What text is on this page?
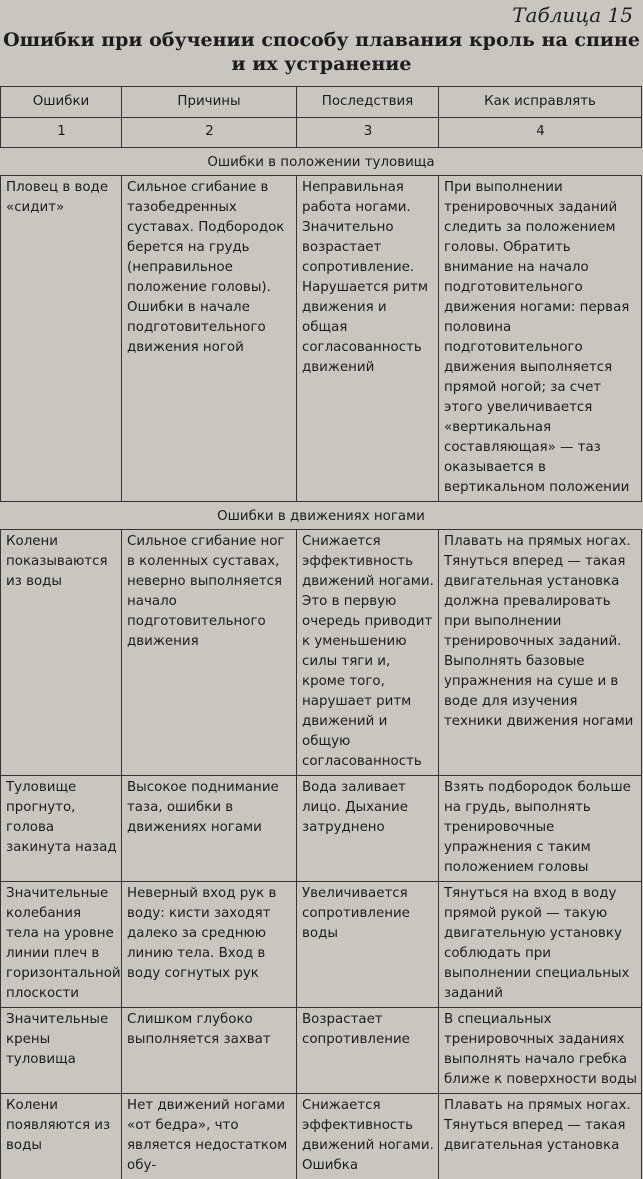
Таблица 15
Ошибки при обучении способу плавания кроль на спине
и их устранение
Ошибки	Причины	Последствия	Как исправлять
1	2	3	4
Ошибки в положении туловища			
Пловец в воде «сидит»	Сильное сгибание в тазобедренных суставах. Подбородок берется на грудь (неправильное положение головы). Ошибки в начале подготовительного движения ногой	Неправильная работа ногами. Значительно возрастает сопротивление. Нарушается ритм движения и общая согласованность движений	При выполнении тренировочных заданий следить за положением головы. Обратить внимание на начало подготовительного движения ногами: первая половина подготовительного движения выполняется прямой ногой; за счет этого увеличивается «вертикальная составляющая» — таз оказывается в вертикальном положении
Ошибки в движениях ногами			
Колени показываются из воды	Сильное сгибание ног в коленных суставах, неверно выполняется начало подготовительного движения	Снижается эффективность движений ногами. Это в первую очередь приводит к уменьшению силы тяги и, кроме того, нарушает ритм движений и общую согласованность	Плавать на прямых ногах. Тянуться вперед — такая двигательная установка должна превалировать при выполнении тренировочных заданий. Выполнять базовые упражнения на суше и в воде для изучения техники движения ногами
Туловище прогнуто, голова закинута назад	Высокое поднимание таза, ошибки в движениях ногами	Вода заливает лицо. Дыхание затруднено	Взять подбородок больше на грудь, выполнять тренировочные упражнения с таким положением головы
Значительные колебания тела на уровне линии плеч в горизонтальной плоскости	Неверный вход рук в воду: кисти заходят далеко за среднюю линию тела. Вход в воду согнутых рук	Увеличивается сопротивление воды	Тянуться на вход в воду прямой рукой — такую двигательную установку соблюдать при выполнении специальных заданий
Значительные крены туловища	Слишком глубоко выполняется захват	Возрастает сопротивление	В специальных тренировочных заданиях выполнять начало гребка ближе к поверхности воды
Колени появляются из воды	Нет движений ногами «от бедра», что является недостатком обу-	Снижается эффективность движений ногами. Ошибка	Плавать на прямых ногах. Тянуться вперед — такая двигательная установка
